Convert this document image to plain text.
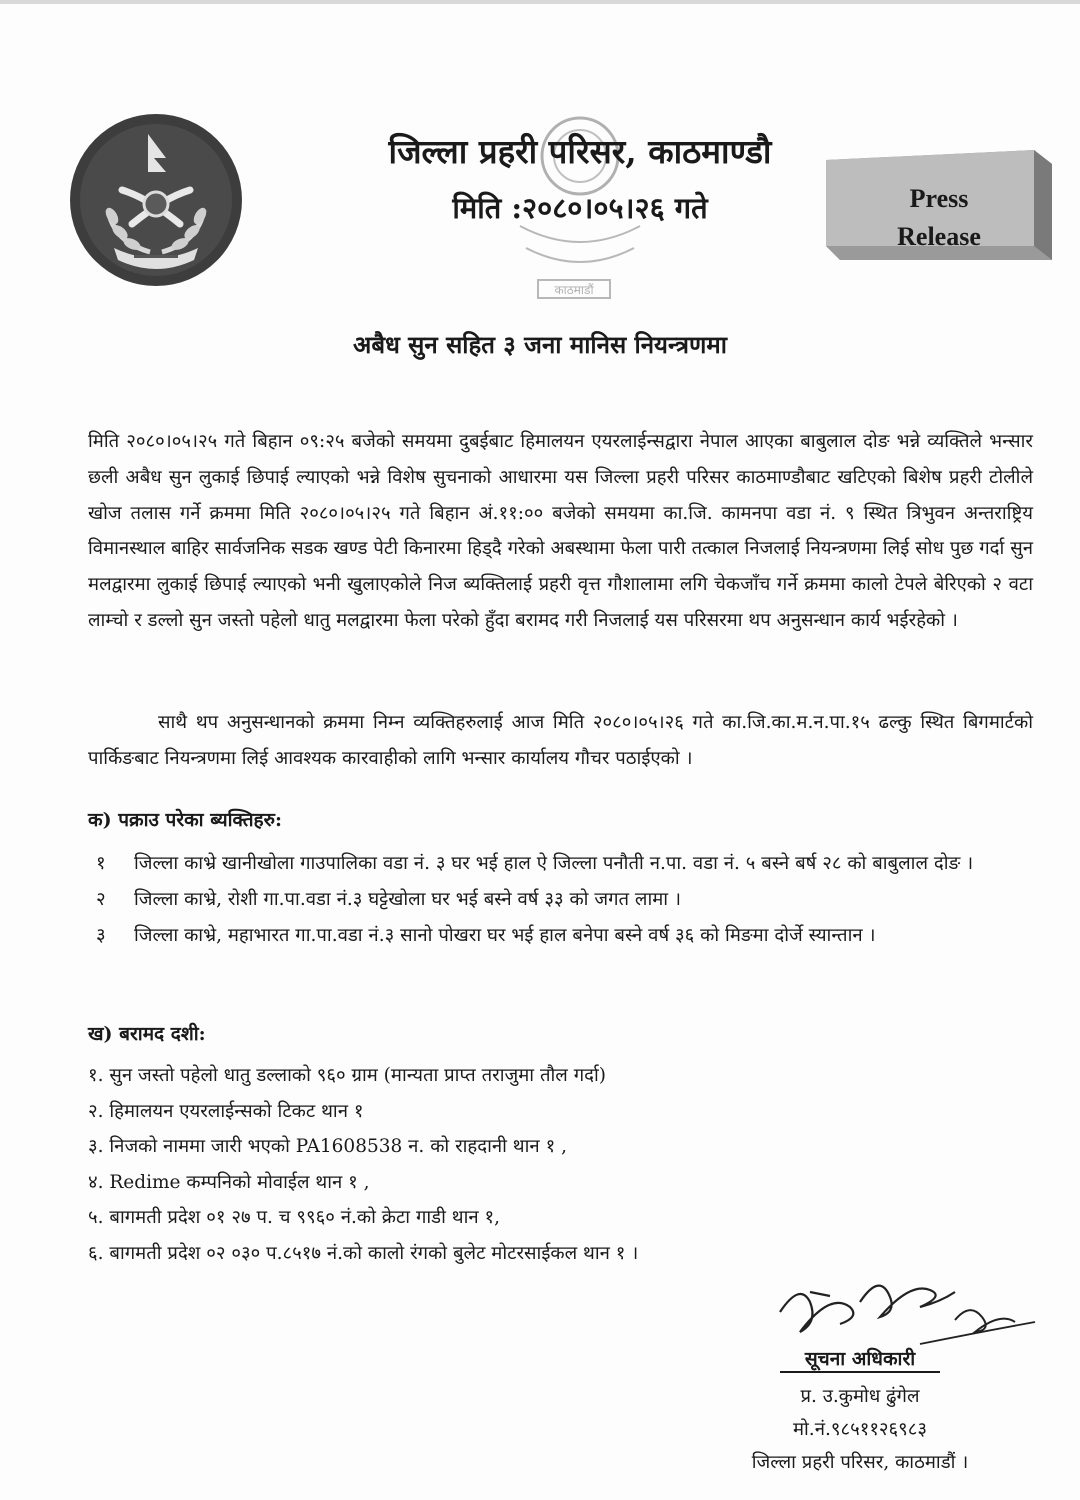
काठमाडौं
जिल्ला प्रहरी परिसर, काठमाण्डौ
मिति :२०८०।०५।२६ गते	Press
Release
अबैध सुन सहित ३ जना मानिस नियन्त्रणमा

मिति २०८०।०५।२५ गते बिहान ०९:२५ बजेको समयमा दुबईबाट हिमालयन एयरलाईन्सद्वारा नेपाल आएका बाबुलाल दोङ भन्ने व्यक्तिले भन्सार छली अबैध सुन लुकाई छिपाई ल्याएको भन्ने विशेष सुचनाको आधारमा यस जिल्ला प्रहरी परिसर काठमाण्डौबाट खटिएको बिशेष प्रहरी टोलीले खोज तलास गर्ने क्रममा मिति २०८०।०५।२५ गते बिहान अं.११:०० बजेको समयमा का.जि. कामनपा वडा नं. ९ स्थित त्रिभुवन अन्तराष्ट्रिय विमानस्थाल बाहिर सार्वजनिक सडक खण्ड पेटी किनारमा हिड्दै गरेको अबस्थामा फेला पारी तत्काल निजलाई नियन्त्रणमा लिई सोध पुछ गर्दा सुन मलद्वारमा लुकाई छिपाई ल्याएको भनी खुलाएकोले निज ब्यक्तिलाई प्रहरी वृत्त गौशालामा लगि चेकजाँच गर्ने क्रममा कालो टेपले बेरिएको २ वटा लाम्चो र डल्लो सुन जस्तो पहेलो धातु मलद्वारमा फेला परेको हुँदा बरामद गरी निजलाई यस परिसरमा थप अनुसन्धान कार्य भईरहेको ।

साथै थप अनुसन्धानको क्रममा निम्न व्यक्तिहरुलाई आज मिति २०८०।०५।२६ गते का.जि.का.म.न.पा.१५ ढल्कु स्थित बिगमार्टको पार्किङबाट नियन्त्रणमा लिई आवश्यक कारवाहीको लागि भन्सार कार्यालय गौचर पठाईएको ।

क) पक्राउ परेका ब्यक्तिहरु:
१ जिल्ला काभ्रे खानीखोला गाउपालिका वडा नं. ३ घर भई हाल ऐ जिल्ला पनौती न.पा. वडा नं. ५ बस्ने बर्ष २८ को बाबुलाल दोङ ।
२ जिल्ला काभ्रे, रोशी गा.पा.वडा नं.३ घट्टेखोला घर भई बस्ने वर्ष ३३ को जगत लामा ।
३ जिल्ला काभ्रे, महाभारत गा.पा.वडा नं.३ सानो पोखरा घर भई हाल बनेपा बस्ने वर्ष ३६ को मिङमा दोर्जे स्यान्तान ।
ख) बरामद दशी:
१. सुन जस्तो पहेलो धातु डल्लाको ९६० ग्राम (मान्यता प्राप्त तराजुमा तौल गर्दा)
२. हिमालयन एयरलाईन्सको टिकट थान १
३. निजको नाममा जारी भएको PA1608538 न. को राहदानी थान १ ,
४. Redime कम्पनिको मोवाईल थान १ ,
५. बागमती प्रदेश ०१ २७ प. च ९९६० नं.को क्रेटा गाडी थान १,
६. बागमती प्रदेश ०२ ०३० प.८५१७ नं.को कालो रंगको बुलेट मोटरसाईकल थान १ ।
सूचना अधिकारी
प्र. उ.कुमोध ढुंगेल
मो.नं.९८५११२६९८३
जिल्ला प्रहरी परिसर, काठमाडौं ।
